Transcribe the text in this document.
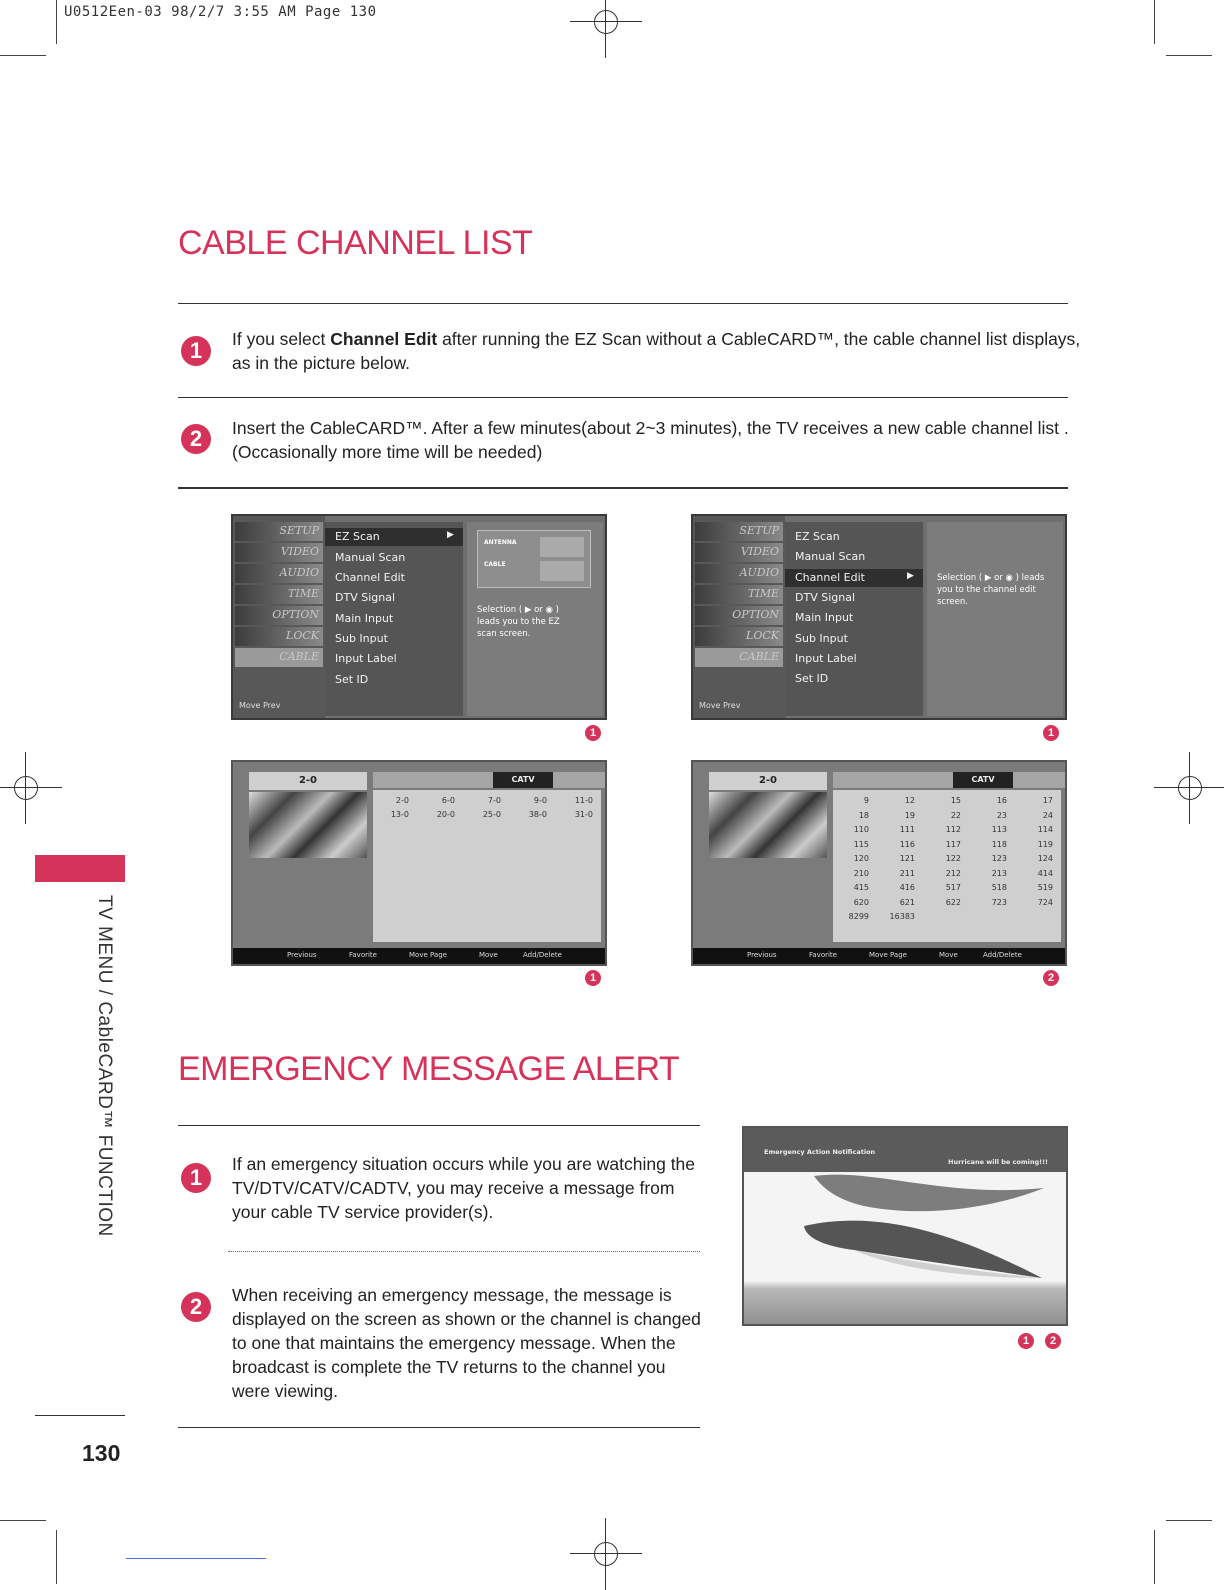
U0512Een-03 98/2/7 3:55 AM Page 130
CABLE CHANNEL LIST
1	If you select Channel Edit after running the EZ Scan without a CableCARD™, the cable channel list displays, as in the picture below.
2	Insert the CableCARD™. After a few minutes(about 2~3 minutes), the TV receives a new cable channel list . (Occasionally more time will be needed)
SETUP
VIDEO
AUDIO
TIME
OPTION
LOCK
CABLE
Move Prev
EZ Scan	▶
Manual Scan
Channel Edit
DTV Signal
Main Input
Sub Input
Input Label
Set ID
ANTENNA
CABLE
Selection ( ▶ or ◉ ) leads you to the EZ scan screen.
SETUP
VIDEO
AUDIO
TIME
OPTION
LOCK
CABLE
Move Prev
EZ Scan
Manual Scan
Channel Edit	▶
DTV Signal
Main Input
Sub Input
Input Label
Set ID
Selection ( ▶ or ◉ ) leads you to the channel edit screen.
1	1
2-0	CATV
2-0	6-0	7-0	9-0	11-0
13-0	20-0	25-0	38-0	31-0
Previous	Favorite	Move Page	Move	Add/Delete
2-0	CATV
9	12	15	16	17
18	19	22	23	24
110	111	112	113	114
115	116	117	118	119
120	121	122	123	124
210	211	212	213	414
415	416	517	518	519
620	621	622	723	724
8299	16383
Previous	Favorite	Move Page	Move	Add/Delete
1	2
EMERGENCY MESSAGE ALERT
1
If an emergency situation occurs while you are watching the TV/DTV/CATV/CADTV, you may receive a message from your cable TV service provider(s).
2	When receiving an emergency message, the message is displayed on the screen as shown or the channel is changed to one that maintains the emergency message. When the broadcast is complete the TV returns to the channel you were viewing.
Emergency Action Notification
Hurricane will be coming!!!
1	2
TV MENU / CableCARD™ FUNCTION
130
